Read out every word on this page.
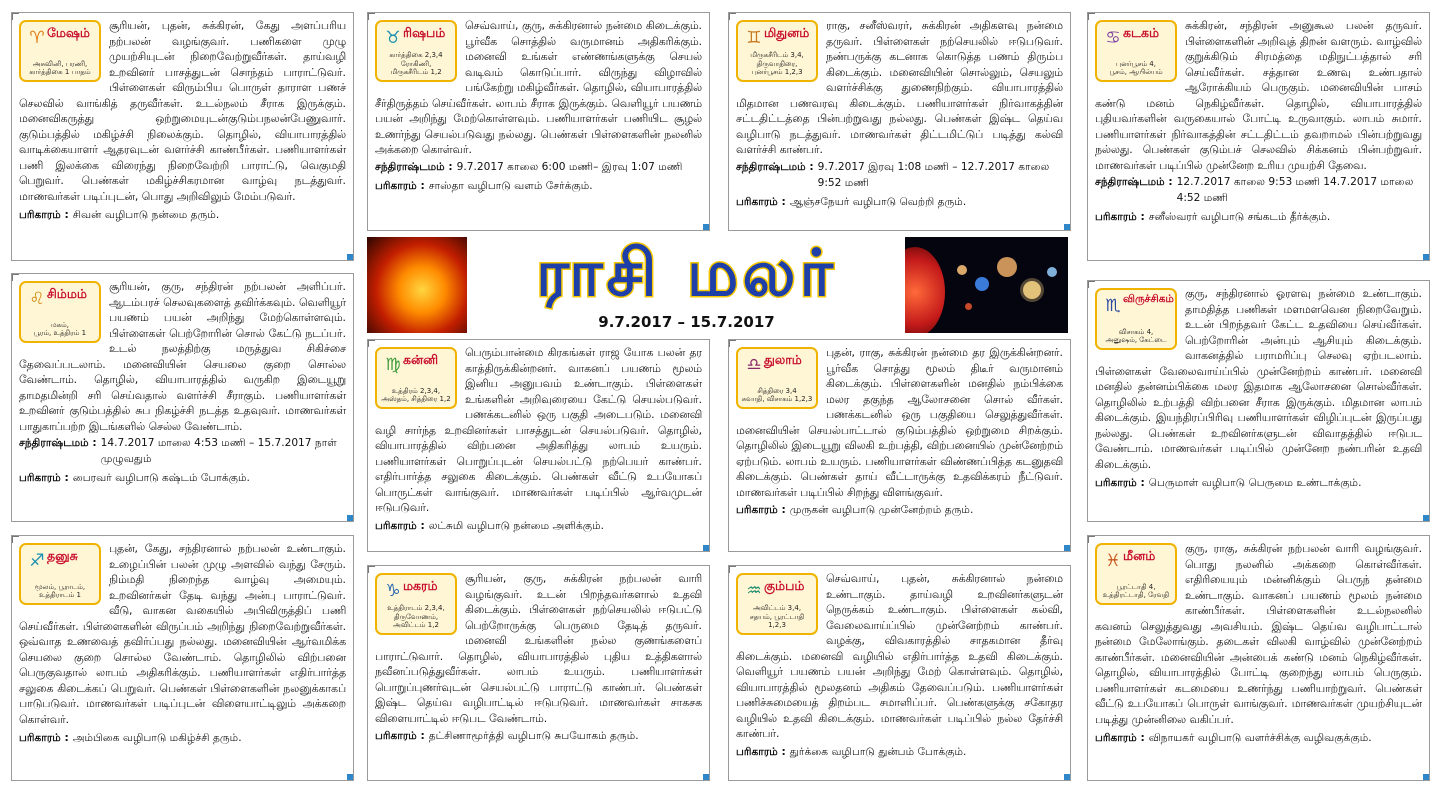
♈ மேஷம்
அசுவினி, பரணி,
கார்த்திகை 1 பாதம்
சூரியன், புதன், சுக்கிரன், கேது அளப்பரிய நற்பலன் வழங்குவர். பணிகளை முழு முயற்சியுடன் நிறைவேற்றுவீர்கள். தாய்வழி உறவினர் பாசத்துடன் சொந்தம் பாராட்டுவர். பிள்ளைகள் விரும்பிய பொருள் தாராள பணச் செலவில் வாங்கித் தருவீர்கள். உடல்நலம் சீராக இருக்கும். மனைவிகருத்து ஒற்றுமையுடன்குடும்பநலன்பேணுவார். குடும்பத்தில் மகிழ்ச்சி நிலைக்கும். தொழில், வியாபாரத்தில் வாடிக்கையாளர் ஆதரவுடன் வளர்ச்சி காண்பீர்கள். பணியாளர்கள் பணி இலக்கை விரைந்து நிறைவேற்றி பாராட்டு, வெகுமதி பெறுவர். பெண்கள் மகிழ்ச்சிகரமான வாழ்வு நடத்துவர். மாணவர்கள் படிப்புடன், பொது அறிவிலும் மேம்படுவர்.
பரிகாரம் : சிவன் வழிபாடு நன்மை தரும்.
♉ ரிஷபம்
கார்த்திகை 2,3,4
ரோகிணி,
மிருகசீரிடம் 1,2
செவ்வாய், குரு, சுக்கிரனால் நன்மை கிடைக்கும். பூர்வீக சொத்தில் வருமானம் அதிகரிக்கும். மனைவி உங்கள் எண்ணங்களுக்கு செயல் வடிவம் கொடுப்பார். விருந்து விழாவில் பங்கேற்று மகிழ்வீர்கள். தொழில், வியாபாரத்தில் சீர்திருத்தம் செய்வீர்கள். லாபம் சீராக இருக்கும். வெளியூர் பயணம் பயன் அறிந்து மேற்கொள்ளவும். பணியாளர்கள் பணியிட சூழல் உணர்ந்து செயல்படுவது நல்லது. பெண்கள் பிள்ளைகளின் நலனில் அக்கறை கொள்வர்.
சந்திராஷ்டமம் : 9.7.2017 காலை 6:00 மணி– இரவு 1:07 மணி
பரிகாரம் : சாஸ்தா வழிபாடு வளம் சேர்க்கும்.
♊ மிதுனம்
மிருகசீரிடம் 3,4,
திருவாதிரை,
புனர்பூசம் 1,2,3
ராகு, சனீஸ்வரர், சுக்கிரன் அதிகளவு நன்மை தருவர். பிள்ளைகள் நற்செயலில் ஈடுபடுவர். நண்பருக்கு கடனாக கொடுத்த பணம் திரும்ப கிடைக்கும். மனைவியின் சொல்லும், செயலும் வளர்ச்சிக்கு துணைநிற்கும். வியாபாரத்தில் மிதமான பணவரவு கிடைக்கும். பணியாளர்கள் நிர்வாகத்தின் சட்டதிட்டத்தை பின்பற்றுவது நல்லது. பெண்கள் இஷ்ட தெய்வ வழிபாடு நடத்துவர். மாணவர்கள் திட்டமிட்டுப் படித்து கல்வி வளர்ச்சி காண்பர்.
சந்திராஷ்டமம் : 9.7.2017 இரவு 1:08 மணி – 12.7.2017 காலை 9:52 மணி
பரிகாரம் : ஆஞ்சநேயர் வழிபாடு வெற்றி தரும்.
♋ கடகம்
புனர்பூசம் 4,
பூசம், ஆயில்யம்
சுக்கிரன், சந்திரன் அனுகூல பலன் தருவர். பிள்ளைகளின் அறிவுத் திறன் வளரும். வாழ்வில் குறுக்கிடும் சிரமத்தை மதிநுட்பத்தால் சரி செய்வீர்கள். சத்தான உணவு உண்பதால் ஆரோக்கியம் பெருகும். மனைவியின் பாசம் கண்டு மனம் நெகிழ்வீர்கள். தொழில், வியாபாரத்தில் புதியவர்களின் வருகையால் போட்டி உருவாகும். லாபம் சுமார். பணியாளர்கள் நிர்வாகத்தின் சட்டதிட்டம் தவறாமல் பின்பற்றுவது நல்லது. பெண்கள் குடும்பச் செலவில் சிக்கனம் பின்பற்றுவர். மாணவர்கள் படிப்பில் முன்னேற உரிய முயற்சி தேவை.
சந்திராஷ்டமம் : 12.7.2017 காலை 9:53 மணி 14.7.2017 மாலை 4:52 மணி
பரிகாரம் : சனீஸ்வரர் வழிபாடு சங்கடம் தீர்க்கும்.
ராசி மலர்
9.7.2017 – 15.7.2017
♌ சிம்மம்
மகம்,
பூரம், உத்திரம் 1
சூரியன், குரு, சந்திரன் நற்பலன் அளிப்பர். ஆடம்பரச் செலவுகளைத் தவிர்க்கவும். வெளியூர் பயணம் பயன் அறிந்து மேற்கொள்ளவும். பிள்ளைகள் பெற்றோரின் சொல் கேட்டு நடப்பர். உடல் நலத்திற்கு மருத்துவ சிகிச்சை தேவைப்படலாம். மனைவியின் செயலை குறை சொல்ல வேண்டாம். தொழில், வியாபாரத்தில் வருகிற இடையூறு தாமதமின்றி சரி செய்வதால் வளர்ச்சி சீராகும். பணியாளர்கள் உறவினர் குடும்பத்தில் சுப நிகழ்ச்சி நடத்த உதவுவர். மாணவர்கள் பாதுகாப்பற்ற இடங்களில் செல்ல வேண்டாம்.
சந்திராஷ்டமம் : 14.7.2017 மாலை 4:53 மணி – 15.7.2017 நாள் முழுவதும்
பரிகாரம் : பைரவர் வழிபாடு கஷ்டம் போக்கும்.
♍ கன்னி
உத்திரம் 2,3,4,
அஸ்தம், சித்திரை 1,2
பெரும்பான்மை கிரகங்கள் ராஜ யோக பலன் தர காத்திருக்கின்றனர். வாகனப் பயணம் மூலம் இனிய அனுபவம் உண்டாகும். பிள்ளைகள் உங்களின் அறிவுரையை கேட்டு செயல்படுவர். பணக்கடனில் ஒரு பகுதி அடைபடும். மனைவி வழி சார்ந்த உறவினர்கள் பாசத்துடன் செயல்படுவர். தொழில், வியாபாரத்தில் விற்பனை அதிகரித்து லாபம் உயரும். பணியாளர்கள் பொறுப்புடன் செயல்பட்டு நற்பெயர் காண்பர். எதிர்பார்த்த சலுகை கிடைக்கும். பெண்கள் வீட்டு உபயோகப் பொருட்கள் வாங்குவர். மாணவர்கள் படிப்பில் ஆர்வமுடன் ஈடுபடுவர்.
பரிகாரம் : லட்சுமி வழிபாடு நன்மை அளிக்கும்.
♎ துலாம்
சித்திரை 3,4
சுவாதி, விசாகம் 1,2,3
புதன், ராகு, சுக்கிரன் நன்மை தர இருக்கின்றனர். பூர்வீக சொத்து மூலம் திடீர் வருமானம் கிடைக்கும். பிள்ளைகளின் மனதில் நம்பிக்கை மலர தகுந்த ஆலோசனை சொல் வீர்கள். பணக்கடனில் ஒரு பகுதியை செலுத்துவீர்கள். மனைவியின் செயல்பாட்டால் குடும்பத்தில் ஒற்றுமை சிறக்கும். தொழிலில் இடையூறு விலகி உற்பத்தி, விற்பனையில் முன்னேற்றம் ஏற்படும். லாபம் உயரும். பணியாளர்கள் விண்ணப்பித்த கடனுதவி கிடைக்கும். பெண்கள் தாய் வீட்டாருக்கு உதவிக்கரம் நீட்டுவர். மாணவர்கள் படிப்பில் சிறந்து விளங்குவர்.
பரிகாரம் : முருகன் வழிபாடு முன்னேற்றம் தரும்.
♏ விருச்சிகம்
விசாகம் 4,
அனுஷம், கேட்டை
குரு, சந்திரனால் ஓரளவு நன்மை உண்டாகும். தாமதித்த பணிகள் மளமளவென நிறைவேறும். உடன் பிறந்தவர் கேட்ட உதவியை செய்வீர்கள். பெற்றோரின் அன்பும் ஆசியும் கிடைக்கும். வாகனத்தில் பராமரிப்பு செலவு ஏற்படலாம். பிள்ளைகள் வேலைவாய்ப்பில் முன்னேற்றம் காண்பர். மனைவி மனதில் தன்னம்பிக்கை மலர இதமாக ஆலோசனை சொல்வீர்கள். தொழிலில் உற்பத்தி விற்பனை சீராக இருக்கும். மிதமான லாபம் கிடைக்கும். இயந்திரப்பிரிவு பணியாளர்கள் விழிப்புடன் இருப்பது நல்லது. பெண்கள் உறவினர்களுடன் விவாதத்தில் ஈடுபட வேண்டாம். மாணவர்கள் படிப்பில் முன்னேற நண்பரின் உதவி கிடைக்கும்.
பரிகாரம் : பெருமாள் வழிபாடு பெருமை உண்டாக்கும்.
♐ தனுசு
மூலம், பூராடம்,
உத்திராடம் 1
புதன், கேது, சந்திரனால் நற்பலன் உண்டாகும். உழைப்பின் பலன் முழு அளவில் வந்து சேரும். நிம்மதி நிறைந்த வாழ்வு அமையும். உறவினர்கள் தேடி வந்து அன்பு பாராட்டுவர். வீடு, வாகன வகையில் அபிவிருத்திப் பணி செய்வீர்கள். பிள்ளைகளின் விருப்பம் அறிந்து நிறைவேற்றுவீர்கள். ஒவ்வாத உணவைத் தவிர்ப்பது நல்லது. மனைவியின் ஆர்வமிக்க செயலை குறை சொல்ல வேண்டாம். தொழிலில் விற்பனை பெருகுவதால் லாபம் அதிகரிக்கும். பணியாளர்கள் எதிர்பார்த்த சலுகை கிடைக்கப் பெறுவர். பெண்கள் பிள்ளைகளின் நலனுக்காகப் பாடுபடுவர். மாணவர்கள் படிப்புடன் விளையாட்டிலும் அக்கறை கொள்வர்.
பரிகாரம் : அம்பிகை வழிபாடு மகிழ்ச்சி தரும்.
♑ மகரம்
உத்திராடம் 2,3,4,
திருவோணம்,
அவிட்டம் 1,2
சூரியன், குரு, சுக்கிரன் நற்பலன் வாரி வழங்குவர். உடன் பிறந்தவர்களால் உதவி கிடைக்கும். பிள்ளைகள் நற்செயலில் ஈடுபட்டு பெற்றோருக்கு பெருமை தேடித் தருவர். மனைவி உங்களின் நல்ல குணங்களைப் பாராட்டுவார். தொழில், வியாபாரத்தில் புதிய உத்திகளால் நவீனப்படுத்துவீர்கள். லாபம் உயரும். பணியாளர்கள் பொறுப்புணர்வுடன் செயல்பட்டு பாராட்டு காண்பர். பெண்கள் இஷ்ட தெய்வ வழிபாட்டில் ஈடுபடுவர். மாணவர்கள் சாகசக விளையாட்டில் ஈடுபட வேண்டாம்.
பரிகாரம் : தட்சிணாமூர்த்தி வழிபாடு சுபயோகம் தரும்.
♒ கும்பம்
அவிட்டம் 3,4,
சதயம், பூரட்டாதி 1,2,3
செவ்வாய், புதன், சுக்கிரனால் நன்மை உண்டாகும். தாய்வழி உறவினர்களுடன் நெருக்கம் உண்டாகும். பிள்ளைகள் கல்வி, வேலைவாய்ப்பில் முன்னேற்றம் காண்பர். வழக்கு, விவகாரத்தில் சாதகமான தீர்வு கிடைக்கும். மனைவி வழியில் எதிர்பார்த்த உதவி கிடைக்கும். வெளியூர் பயணம் பயன் அறிந்து மேற் கொள்ளவும். தொழில், வியாபாரத்தில் மூலதனம் அதிகம் தேவைப்படும். பணியாளர்கள் பணிச்சுமையைத் திறம்பட சமாளிப்பர். பெண்களுக்கு சகோதர வழியில் உதவி கிடைக்கும். மாணவர்கள் படிப்பில் நல்ல தேர்ச்சி காண்பர்.
பரிகாரம் : துர்க்கை வழிபாடு துன்பம் போக்கும்.
♓ மீனம்
பூரட்டாதி 4,
உத்திரட்டாதி, ரேவதி
குரு, ராகு, சுக்கிரன் நற்பலன் வாரி வழங்குவர். பொது நலனில் அக்கறை கொள்வீர்கள். எதிரியையும் மன்னிக்கும் பெருந் தன்மை உண்டாகும். வாகனப் பயணம் மூலம் நன்மை காண்பீர்கள். பிள்ளைகளின் உடல்நலனில் கவனம் செலுத்துவது அவசியம். இஷ்ட தெய்வ வழிபாட்டால் நன்மை மேலோங்கும். தடைகள் விலகி வாழ்வில் முன்னேற்றம் காண்பீர்கள். மனைவியின் அன்பைக் கண்டு மனம் நெகிழ்வீர்கள். தொழில், வியாபாரத்தில் போட்டி குறைந்து லாபம் பெருகும். பணியாளர்கள் கடமையை உணர்ந்து பணியாற்றுவர். பெண்கள் வீட்டு உபயோகப் பொருள் வாங்குவர். மாணவர்கள் முயற்சியுடன் படித்து முன்னிலை வகிப்பர்.
பரிகாரம் : விநாயகர் வழிபாடு வளர்ச்சிக்கு வழிவகுக்கும்.
